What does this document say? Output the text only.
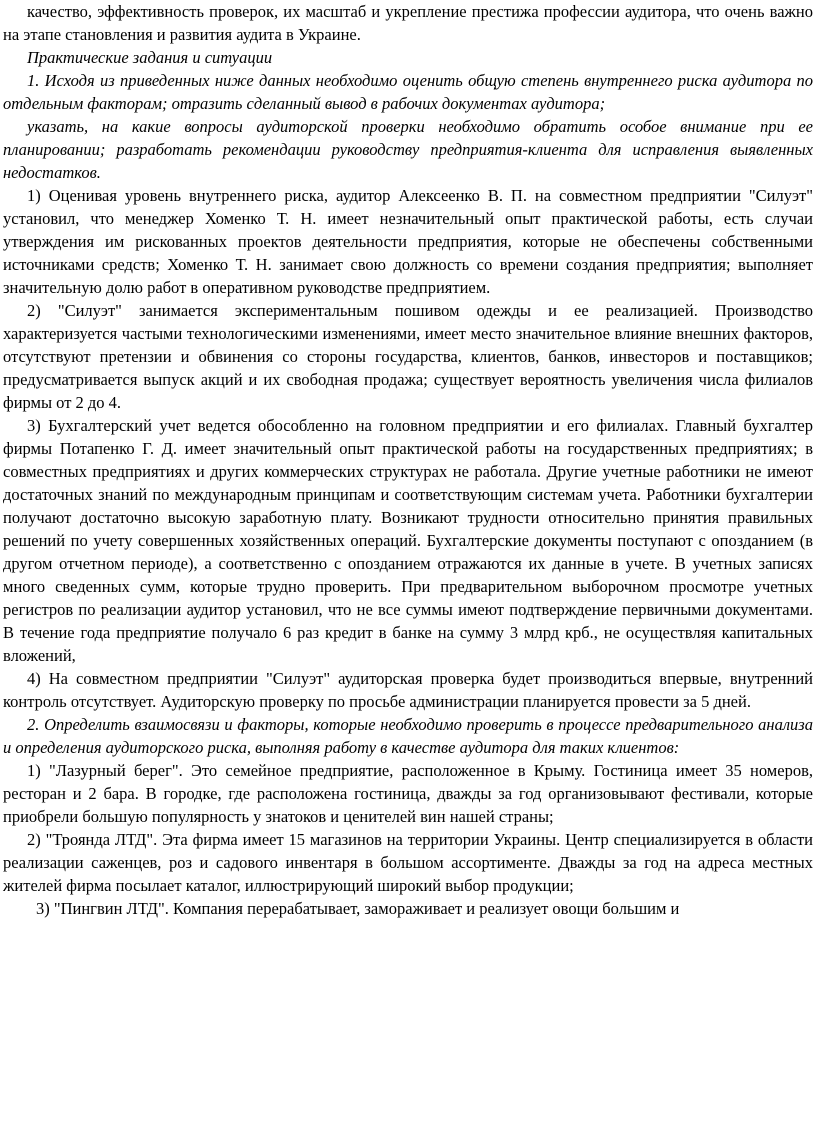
качество, эффективность проверок, их масштаб и укрепление престижа профессии аудитора, что очень важно на этапе становления и развития аудита в Украине.

Практические задания и ситуации

1. Исходя из приведенных ниже данных необходимо оценить общую степень внутреннего риска аудитора по отдельным факторам; отразить сделанный вывод в рабочих документах аудитора;

указать, на какие вопросы аудиторской проверки необходимо обратить особое внимание при ее планировании; разработать рекомендации руководству предприятия-клиента для исправления выявленных недостатков.

1) Оценивая уровень внутреннего риска, аудитор Алексеенко В. П. на совместном предприятии "Силуэт" установил, что менеджер Хоменко Т. Н. имеет незначительный опыт практической работы, есть случаи утверждения им рискованных проектов деятельности предприятия, которые не обеспечены собственными источниками средств; Хоменко Т. Н. занимает свою должность со времени создания предприятия; выполняет значительную долю работ в оперативном руководстве предприятием.

2) "Силуэт" занимается экспериментальным пошивом одежды и ее реализацией. Производство характеризуется частыми технологическими изменениями, имеет место значительное влияние внешних факторов, отсутствуют претензии и обвинения со стороны государства, клиентов, банков, инвесторов и поставщиков; предусматривается выпуск акций и их свободная продажа; существует вероятность увеличения числа филиалов фирмы от 2 до 4.

3) Бухгалтерский учет ведется обособленно на головном предприятии и его филиалах. Главный бухгалтер фирмы Потапенко Г. Д. имеет значительный опыт практической работы на государственных предприятиях; в совместных предприятиях и других коммерческих структурах не работала. Другие учетные работники не имеют достаточных знаний по международным принципам и соответствующим системам учета. Работники бухгалтерии получают достаточно высокую заработную плату. Возникают трудности относительно принятия правильных решений по учету совершенных хозяйственных операций. Бухгалтерские документы поступают с опозданием (в другом отчетном периоде), а соответственно с опозданием отражаются их данные в учете. В учетных записях много сведенных сумм, которые трудно проверить. При предварительном выборочном просмотре учетных регистров по реализации аудитор установил, что не все суммы имеют подтверждение первичными документами. В течение года предприятие получало 6 раз кредит в банке на сумму 3 млрд крб., не осуществляя капитальных вложений,

4) На совместном предприятии "Силуэт" аудиторская проверка будет производиться впервые, внутренний контроль отсутствует. Аудиторскую проверку по просьбе администрации планируется провести за 5 дней.

2. Определить взаимосвязи и факторы, которые необходимо проверить в процессе предварительного анализа и определения аудиторского риска, выполняя работу в качестве аудитора для таких клиентов:

1) "Лазурный берег". Это семейное предприятие, расположенное в Крыму. Гостиница имеет 35 номеров, ресторан и 2 бара. В городке, где расположена гостиница, дважды за год организовывают фестивали, которые приобрели большую популярность у знатоков и ценителей вин нашей страны;

2) "Троянда ЛТД". Эта фирма имеет 15 магазинов на территории Украины. Центр специализируется в области реализации саженцев, роз и садового инвентаря в большом ассортименте. Дважды за год на адреса местных жителей фирма посылает каталог, иллюстрирующий широкий выбор продукции;

3) "Пингвин ЛТД". Компания перерабатывает, замораживает и реализует овощи большим и
